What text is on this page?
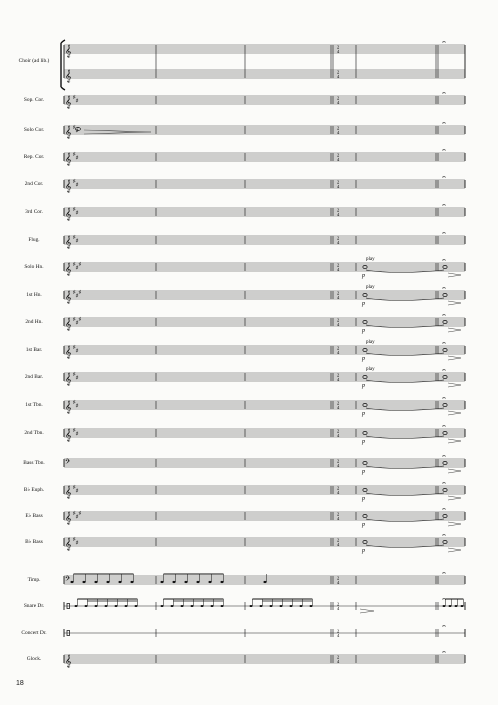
𝄞	2
4
𝄞	2
4
𝄐
𝄞 ♯
♯
2
4
𝄐
𝄞 ♯
♯
2
4
𝄐
𝄞 ♯
♯
2
4
𝄐
𝄞 ♯
♯
2
4
𝄐
𝄞 ♯
♯
2
4
𝄐
𝄞 ♯
♯
2
4
𝄐
𝄞 ♯
♯
♯	2
4
𝄐
𝄞 ♯
♯
♯	2
4
𝄐
𝄞 ♯
♯
♯	2
4
𝄐
𝄞 ♯
♯
2
4
𝄐
𝄞 ♯
♯
2
4
𝄐
𝄞 ♯
♯
2
4
𝄐
𝄞 ♯
♯
2
4
𝄐
𝄢	2
4
𝄐
𝄞 ♯
♯
2
4
𝄐
𝄞 ♯
♯
♯	2
4
𝄐
𝄞 ♯
♯
2
4
𝄐
𝄢	2
4
𝄐
2
4
𝄐
2
4
𝄐
𝄞	2
4
𝄐
p
p
p
p
p
p
p
p
p
p
p
play
play
play
play
Choir (ad lib.)
Sop. Cor.
Solo Cor.
Rep. Cor.
2nd Cor.
3rd Cor.
Flug.
Solo Hn.
1st Hn.
2nd Hn.
1st Bar.
2nd Bar.
1st Tbn.
2nd Tbn.
Bass Tbn.
B♭ Euph.
E♭ Bass
B♭ Bass
Timp.
Snare Dr.
Concert Dr.
Glock.
18
